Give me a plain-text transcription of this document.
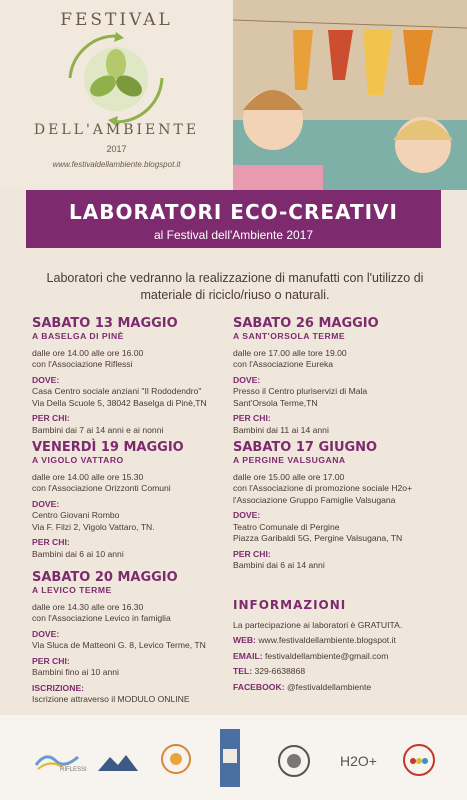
FESTIVAL
DELL'AMBIENTE
2017
www.festivaldellambiente.blogspot.it
LABORATORI ECO-CREATIVI
al Festival dell'Ambiente 2017
Laboratori che vedranno la realizzazione di manufatti con l'utilizzo di materiale di riciclo/riuso o naturali.
SABATO 13 MAGGIO
A BASELGA DI PINÈ
dalle ore 14.00 alle ore 16.00
con l'Associazione Riflessi
DOVE:
Casa Centro sociale anziani "Il Rododendro"
Via Della Scuole 5, 38042 Baselga di Pinè,TN
PER CHI:
Bambini dai 7 ai 14 anni e ai nonni
VENERDÌ 19 MAGGIO
A VIGOLO VATTARO
dalle ore 14.00 alle ore 15.30
con l'Associazione Orizzonti Comuni
DOVE:
Centro Giovani Rombo
Via F. Filzi 2, Vigolo Vattaro, TN.
PER CHI:
Bambini dai 6 ai 10 anni
SABATO 20 MAGGIO
A LEVICO TERME
dalle ore 14.30 alle ore 16.30
con l'Associazione Levico in famiglia
DOVE:
Via Sluca de Matteoni G. 8, Levico Terme, TN
PER CHI:
Bambini fino ai 10 anni
ISCRIZIONE:
Iscrizione attraverso il MODULO ONLINE
SABATO 26 MAGGIO
A SANT'ORSOLA TERME
dalle ore 17.00 alle tore 19.00
con l'Associazione Eureka
DOVE:
Presso il Centro pluriservizi di Mala
Sant'Orsola Terme,TN
PER CHI:
Bambini dai 11 ai 14 anni
SABATO 17 GIUGNO
A PERGINE VALSUGANA
dalle ore 15.00 alle ore 17.00
con l'Associazione di promozione sociale H2o+
l'Associazione Gruppo Famiglie Valsugana
DOVE:
Teatro Comunale di Pergine
Piazza Garibaldi 5G, Pergine Valsugana, TN
PER CHI:
Bambini dai 6 ai 14 anni
INFORMAZIONI
La partecipazione ai laboratori è GRATUITA.
WEB: www.festivaldellambiente.blogspot.it
EMAIL: festivaldellambiente@gmail.com
TEL: 329-6638868
FACEBOOK: @festivaldellambiente
RIFLESSI
H2O+
